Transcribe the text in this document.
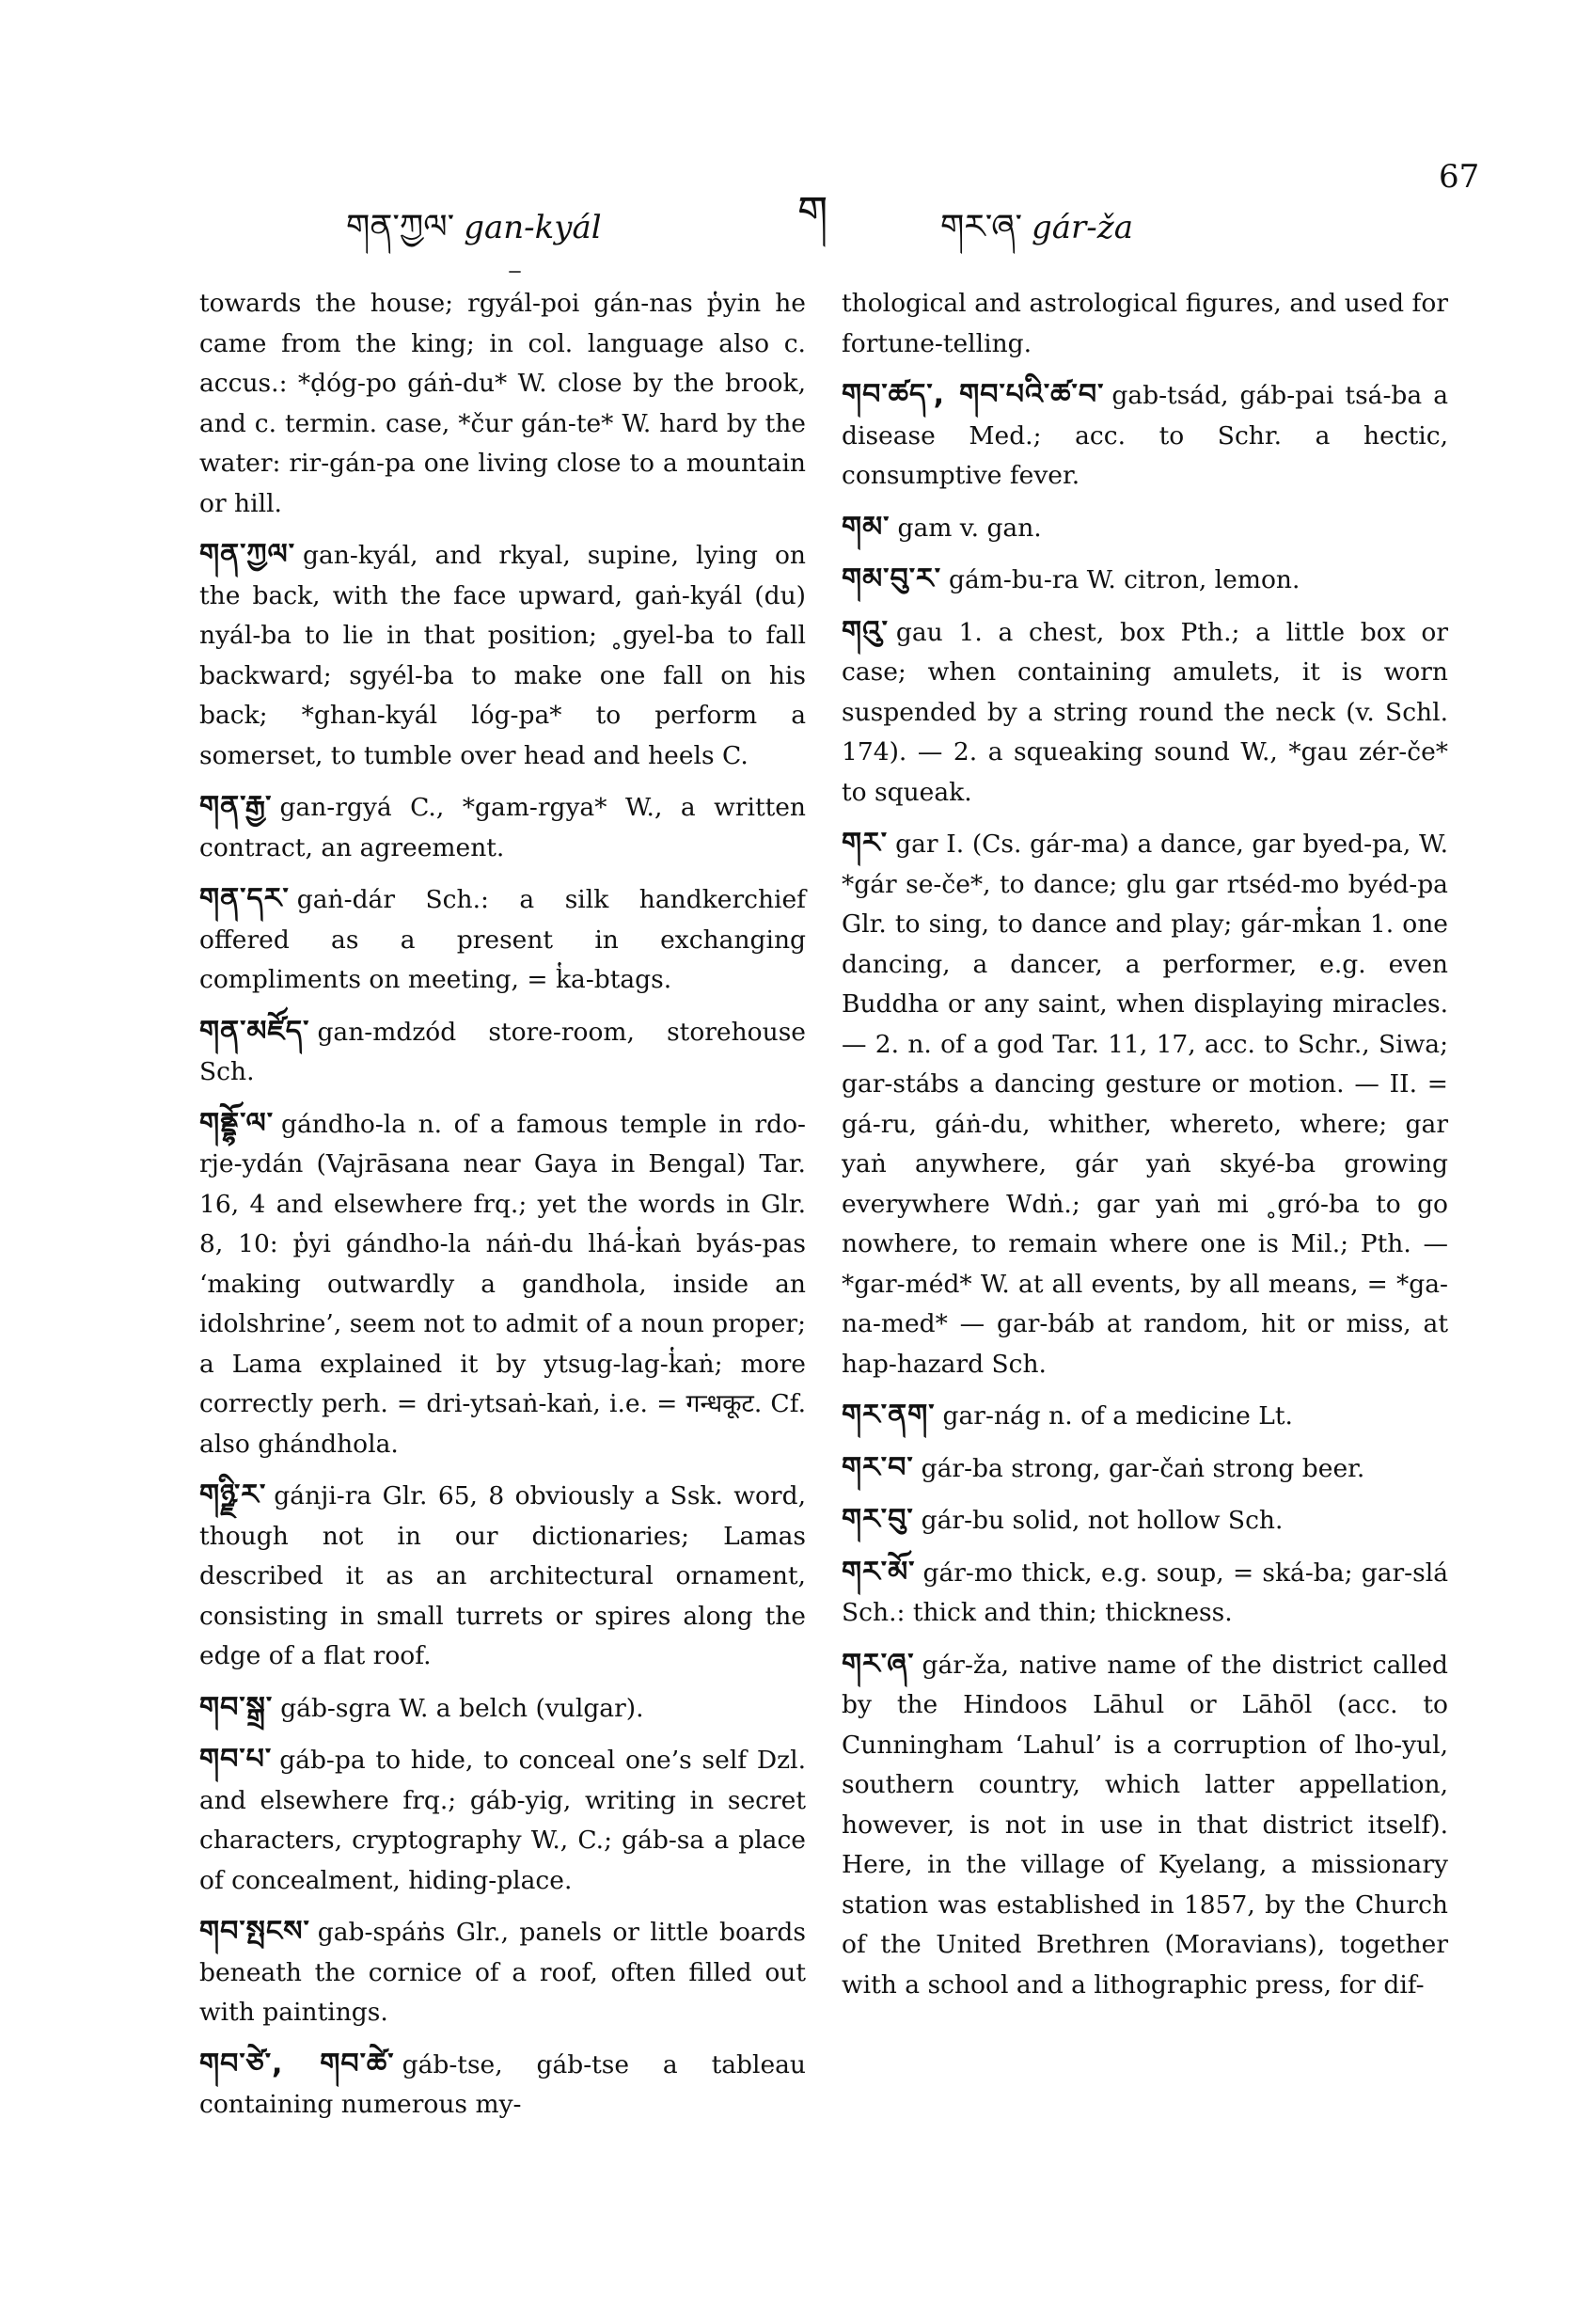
གན་ཀྱལ་ gan-kyál	ག	གར་ཞ་ gár-ža
67
–

towards the house; rgyál-poi gán-nas p̔yin he came from the king; in col. language also c. accus.: *ḍóg-po gáṅ-du* W. close by the brook, and c. termin. case, *čur gán-te* W. hard by the water: rir-gán-pa one living close to a mountain or hill.

གན་ཀྱལ་ gan-kyál, and rkyal, supine, lying on the back, with the face upward, gaṅ-kyál (du) nyál-ba to lie in that position; ˳gyel-ba to fall backward; sgyél-ba to make one fall on his back; *ghan-kyál lóg-pa* to perform a somerset, to tumble over head and heels C.

གན་རྒྱ་ gan-rgyá C., *gam-rgya* W., a written contract, an agreement.

གན་དར་ gaṅ-dár Sch.: a silk handkerchief offered as a present in exchanging compliments on meeting, = k̔a-btags.

གན་མཛོད་ gan-mdzód store-room, storehouse Sch.

གནྡྷོ་ལ་ gándho-la n. of a famous temple in rdo-rje-ydán (Vajrāsana near Gaya in Bengal) Tar. 16, 4 and elsewhere frq.; yet the words in Glr. 8, 10: p̔yi gándho-la náṅ-du lhá-k̔aṅ byás-pas ‘making outwardly a gandhola, inside an idolshrine’, seem not to admit of a noun proper; a Lama explained it by ytsug-lag-k̔aṅ; more correctly perh. = dri-ytsaṅ-kaṅ, i.e. = गन्धकूट. Cf. also ghándhola.

གཉྫི་ར་ gánji-ra Glr. 65, 8 obviously a Ssk. word, though not in our dictionaries; Lamas described it as an architectural ornament, consisting in small turrets or spires along the edge of a flat roof.

གབ་སྒྲ་ gáb-sgra W. a belch (vulgar).

གབ་པ་ gáb-pa to hide, to conceal one’s self Dzl. and elsewhere frq.; gáb-yig, writing in secret characters, cryptography W., C.; gáb-sa a place of concealment, hiding-place.

གབ་སྤངས་ gab-spáṅs Glr., panels or little boards beneath the cornice of a roof, often filled out with paintings.

གབ་ཙེ་, གབ་ཚེ་ gáb-tse, gáb-tse a tableau containing numerous my-

thological and astrological figures, and used for fortune-telling.

གབ་ཚད་, གབ་པའི་ཚ་བ་ gab-tsád, gáb-pai tsá-ba a disease Med.; acc. to Schr. a hectic, consumptive fever.

གམ་ gam v. gan.

གམ་བུ་ར་ gám-bu-ra W. citron, lemon.

གའུ་ gau 1. a chest, box Pth.; a little box or case; when containing amulets, it is worn suspended by a string round the neck (v. Schl. 174). — 2. a squeaking sound W., *gau zér-če* to squeak.

གར་ gar I. (Cs. gár-ma) a dance, gar byed-pa, W. *gár se-če*, to dance; glu gar rtséd-mo byéd-pa Glr. to sing, to dance and play; gár-mk̔an 1. one dancing, a dancer, a performer, e.g. even Buddha or any saint, when displaying miracles. — 2. n. of a god Tar. 11, 17, acc. to Schr., Siwa; gar-stábs a dancing gesture or motion. — II. = gá-ru, gáṅ-du, whither, whereto, where; gar yaṅ anywhere, gár yaṅ skyé-ba growing everywhere Wdṅ.; gar yaṅ mi ˳gró-ba to go nowhere, to remain where one is Mil.; Pth. — *gar-méd* W. at all events, by all means, = *ga-na-med* — gar-báb at random, hit or miss, at hap-hazard Sch.

གར་ནག་ gar-nág n. of a medicine Lt.

གར་བ་ gár-ba strong, gar-čaṅ strong beer.

གར་བུ་ gár-bu solid, not hollow Sch.

གར་མོ་ gár-mo thick, e.g. soup, = ská-ba; gar-slá Sch.: thick and thin; thickness.

གར་ཞ་ gár-ža, native name of the district called by the Hindoos Lāhul or Lāhōl (acc. to Cunningham ‘Lahul’ is a corruption of lho-yul, southern country, which latter appellation, however, is not in use in that district itself). Here, in the village of Kyelang, a missionary station was established in 1857, by the Church of the United Brethren (Moravians), together with a school and a lithographic press, for dif-
